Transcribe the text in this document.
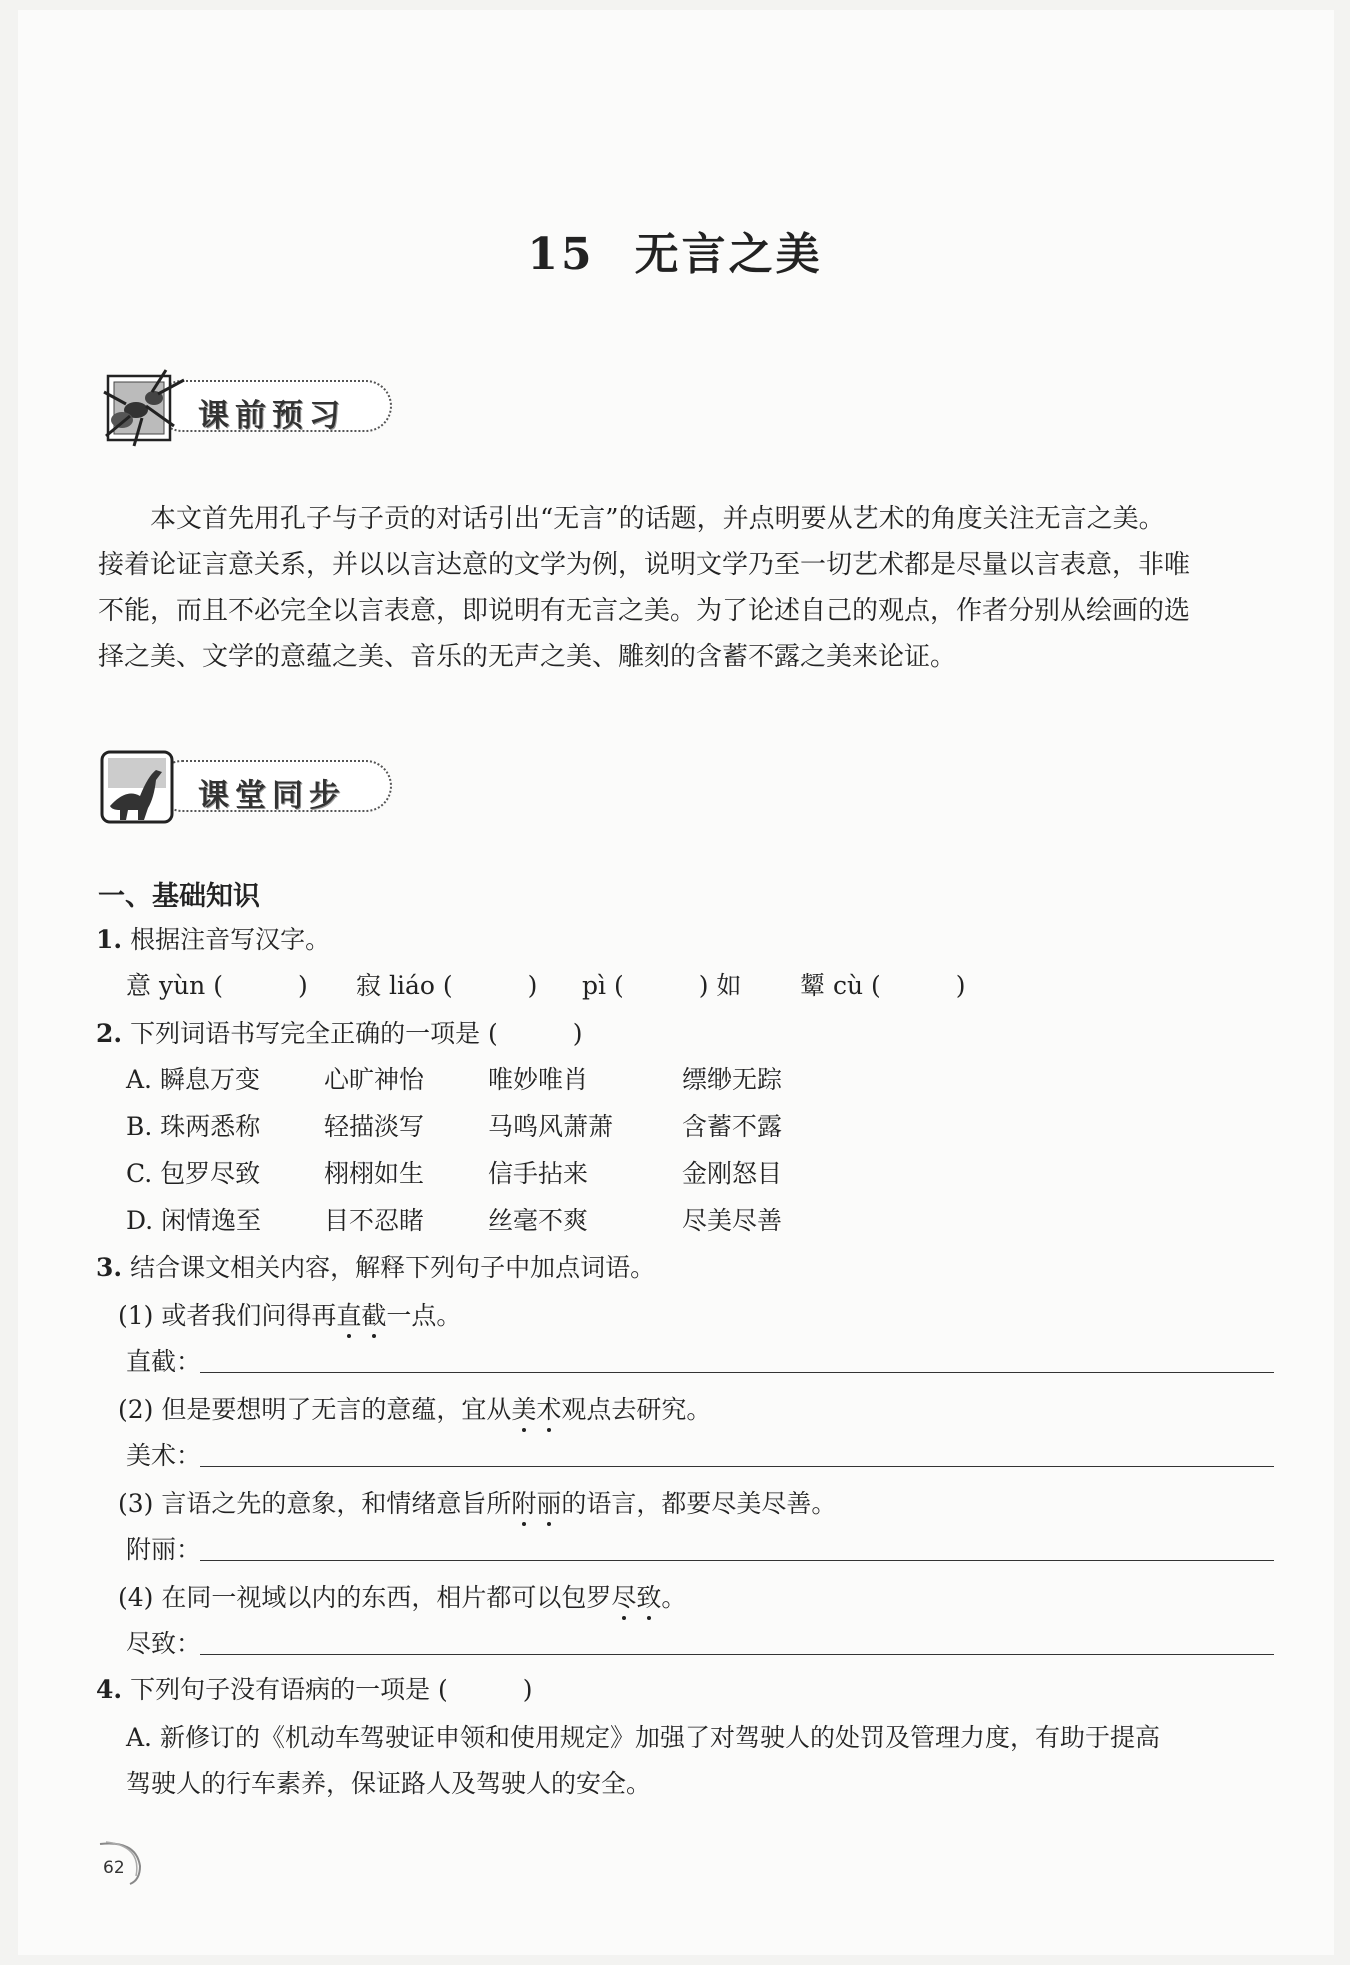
15 无言之美
课前预习
本文首先用孔子与子贡的对话引出“无言”的话题，并点明要从艺术的角度关注无言之美。
接着论证言意关系，并以以言达意的文学为例，说明文学乃至一切艺术都是尽量以言表意，非唯
不能，而且不必完全以言表意，即说明有无言之美。为了论述自己的观点，作者分别从绘画的选
择之美、文学的意蕴之美、音乐的无声之美、雕刻的含蓄不露之美来论证。
课堂同步
一、基础知识
1. 根据注音写汉字。
意 yùn (　　　) 寂 liáo (　　　) pì (　　　) 如 颦 cù (　　　)
2. 下列词语书写完全正确的一项是 (　　　)
A. 瞬息万变	心旷神怡	唯妙唯肖	缥缈无踪
B. 珠两悉称	轻描淡写	马鸣风萧萧	含蓄不露
C. 包罗尽致	栩栩如生	信手拈来	金刚怒目
D. 闲情逸至	目不忍睹	丝毫不爽	尽美尽善
3. 结合课文相关内容，解释下列句子中加点词语。
(1) 或者我们问得再直截一点。
直截：
(2) 但是要想明了无言的意蕴，宜从美术观点去研究。
美术：
(3) 言语之先的意象，和情绪意旨所附丽的语言，都要尽美尽善。
附丽：
(4) 在同一视域以内的东西，相片都可以包罗尽致。
尽致：
4. 下列句子没有语病的一项是 (　　　)
A. 新修订的《机动车驾驶证申领和使用规定》加强了对驾驶人的处罚及管理力度，有助于提高
驾驶人的行车素养，保证路人及驾驶人的安全。
62
